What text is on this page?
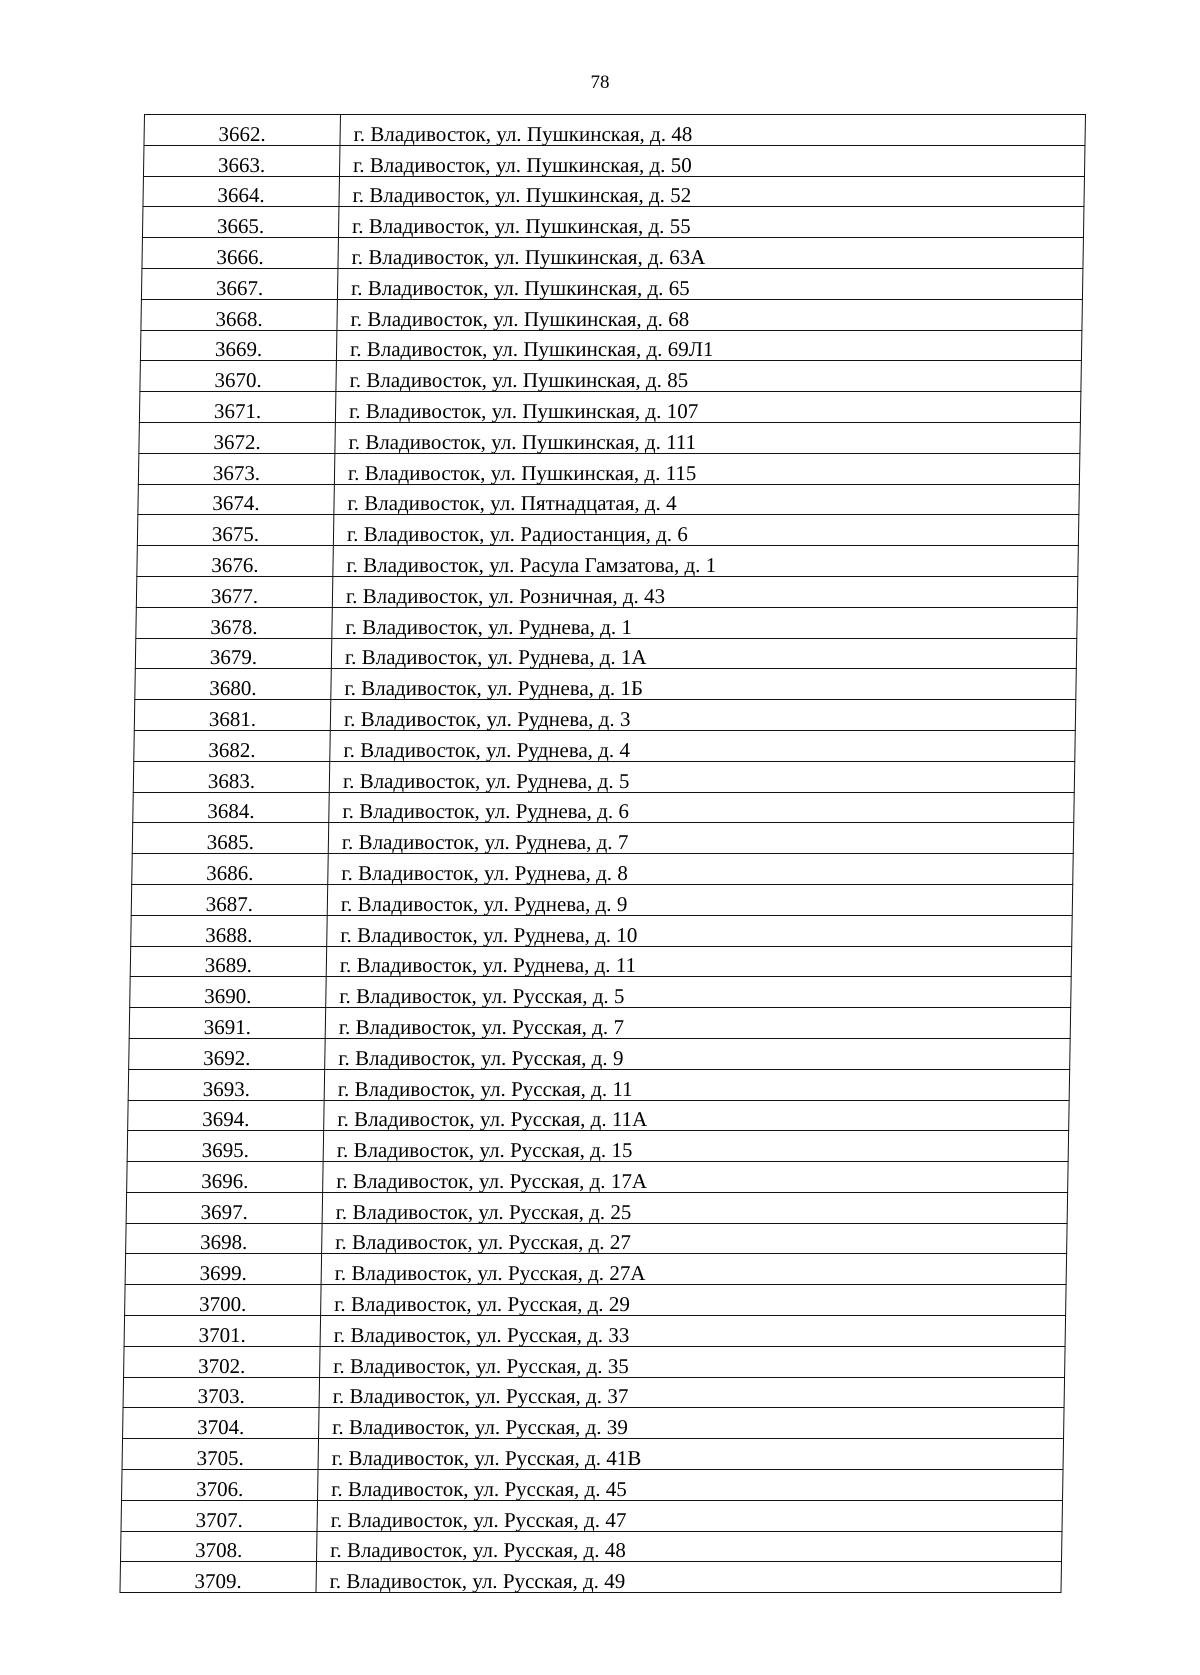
78
3662.	г. Владивосток, ул. Пушкинская, д. 48
3663.	г. Владивосток, ул. Пушкинская, д. 50
3664.	г. Владивосток, ул. Пушкинская, д. 52
3665.	г. Владивосток, ул. Пушкинская, д. 55
3666.	г. Владивосток, ул. Пушкинская, д. 63А
3667.	г. Владивосток, ул. Пушкинская, д. 65
3668.	г. Владивосток, ул. Пушкинская, д. 68
3669.	г. Владивосток, ул. Пушкинская, д. 69Л1
3670.	г. Владивосток, ул. Пушкинская, д. 85
3671.	г. Владивосток, ул. Пушкинская, д. 107
3672.	г. Владивосток, ул. Пушкинская, д. 111
3673.	г. Владивосток, ул. Пушкинская, д. 115
3674.	г. Владивосток, ул. Пятнадцатая, д. 4
3675.	г. Владивосток, ул. Радиостанция, д. 6
3676.	г. Владивосток, ул. Расула Гамзатова, д. 1
3677.	г. Владивосток, ул. Розничная, д. 43
3678.	г. Владивосток, ул. Руднева, д. 1
3679.	г. Владивосток, ул. Руднева, д. 1А
3680.	г. Владивосток, ул. Руднева, д. 1Б
3681.	г. Владивосток, ул. Руднева, д. 3
3682.	г. Владивосток, ул. Руднева, д. 4
3683.	г. Владивосток, ул. Руднева, д. 5
3684.	г. Владивосток, ул. Руднева, д. 6
3685.	г. Владивосток, ул. Руднева, д. 7
3686.	г. Владивосток, ул. Руднева, д. 8
3687.	г. Владивосток, ул. Руднева, д. 9
3688.	г. Владивосток, ул. Руднева, д. 10
3689.	г. Владивосток, ул. Руднева, д. 11
3690.	г. Владивосток, ул. Русская, д. 5
3691.	г. Владивосток, ул. Русская, д. 7
3692.	г. Владивосток, ул. Русская, д. 9
3693.	г. Владивосток, ул. Русская, д. 11
3694.	г. Владивосток, ул. Русская, д. 11А
3695.	г. Владивосток, ул. Русская, д. 15
3696.	г. Владивосток, ул. Русская, д. 17А
3697.	г. Владивосток, ул. Русская, д. 25
3698.	г. Владивосток, ул. Русская, д. 27
3699.	г. Владивосток, ул. Русская, д. 27А
3700.	г. Владивосток, ул. Русская, д. 29
3701.	г. Владивосток, ул. Русская, д. 33
3702.	г. Владивосток, ул. Русская, д. 35
3703.	г. Владивосток, ул. Русская, д. 37
3704.	г. Владивосток, ул. Русская, д. 39
3705.	г. Владивосток, ул. Русская, д. 41В
3706.	г. Владивосток, ул. Русская, д. 45
3707.	г. Владивосток, ул. Русская, д. 47
3708.	г. Владивосток, ул. Русская, д. 48
3709.	г. Владивосток, ул. Русская, д. 49
